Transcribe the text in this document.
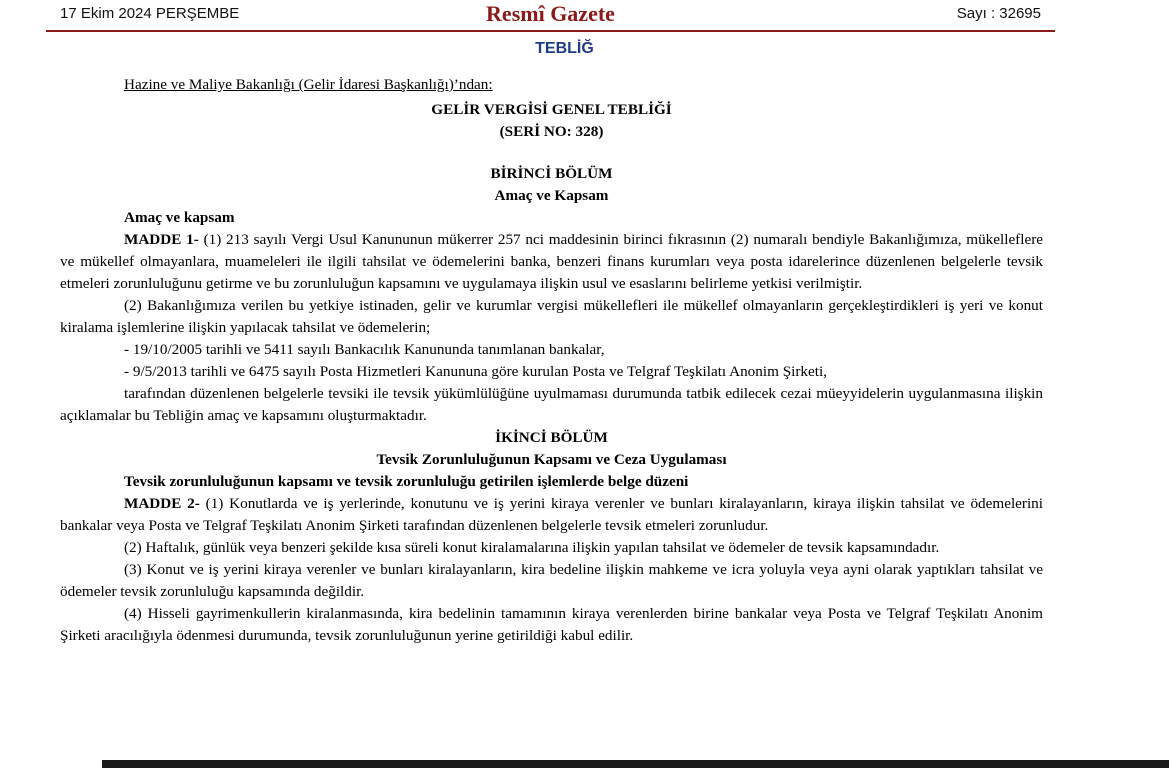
17 Ekim 2024 PERŞEMBE	Resmî Gazete	Sayı : 32695
TEBLİĞ

Hazine ve Maliye Bakanlığı (Gelir İdaresi Başkanlığı)’ndan:

GELİR VERGİSİ GENEL TEBLİĞİ

(SERİ NO: 328)

BİRİNCİ BÖLÜM

Amaç ve Kapsam

Amaç ve kapsam

MADDE 1- (1) 213 sayılı Vergi Usul Kanununun mükerrer 257 nci maddesinin birinci fıkrasının (2) numaralı bendiyle Bakanlığımıza, mükelleflere ve mükellef olmayanlara, muameleleri ile ilgili tahsilat ve ödemelerini banka, benzeri finans kurumları veya posta idarelerince düzenlenen belgelerle tevsik etmeleri zorunluluğunu getirme ve bu zorunluluğun kapsamını ve uygulamaya ilişkin usul ve esaslarını belirleme yetkisi verilmiştir.

(2) Bakanlığımıza verilen bu yetkiye istinaden, gelir ve kurumlar vergisi mükellefleri ile mükellef olmayanların gerçekleştirdikleri iş yeri ve konut kiralama işlemlerine ilişkin yapılacak tahsilat ve ödemelerin;

- 19/10/2005 tarihli ve 5411 sayılı Bankacılık Kanununda tanımlanan bankalar,

- 9/5/2013 tarihli ve 6475 sayılı Posta Hizmetleri Kanununa göre kurulan Posta ve Telgraf Teşkilatı Anonim Şirketi,

tarafından düzenlenen belgelerle tevsiki ile tevsik yükümlülüğüne uyulmaması durumunda tatbik edilecek cezai müeyyidelerin uygulanmasına ilişkin açıklamalar bu Tebliğin amaç ve kapsamını oluşturmaktadır.

İKİNCİ BÖLÜM

Tevsik Zorunluluğunun Kapsamı ve Ceza Uygulaması

Tevsik zorunluluğunun kapsamı ve tevsik zorunluluğu getirilen işlemlerde belge düzeni

MADDE 2- (1) Konutlarda ve iş yerlerinde, konutunu ve iş yerini kiraya verenler ve bunları kiralayanların, kiraya ilişkin tahsilat ve ödemelerini bankalar veya Posta ve Telgraf Teşkilatı Anonim Şirketi tarafından düzenlenen belgelerle tevsik etmeleri zorunludur.

(2) Haftalık, günlük veya benzeri şekilde kısa süreli konut kiralamalarına ilişkin yapılan tahsilat ve ödemeler de tevsik kapsamındadır.

(3) Konut ve iş yerini kiraya verenler ve bunları kiralayanların, kira bedeline ilişkin mahkeme ve icra yoluyla veya ayni olarak yaptıkları tahsilat ve ödemeler tevsik zorunluluğu kapsamında değildir.

(4) Hisseli gayrimenkullerin kiralanmasında, kira bedelinin tamamının kiraya verenlerden birine bankalar veya Posta ve Telgraf Teşkilatı Anonim Şirketi aracılığıyla ödenmesi durumunda, tevsik zorunluluğunun yerine getirildiği kabul edilir.
